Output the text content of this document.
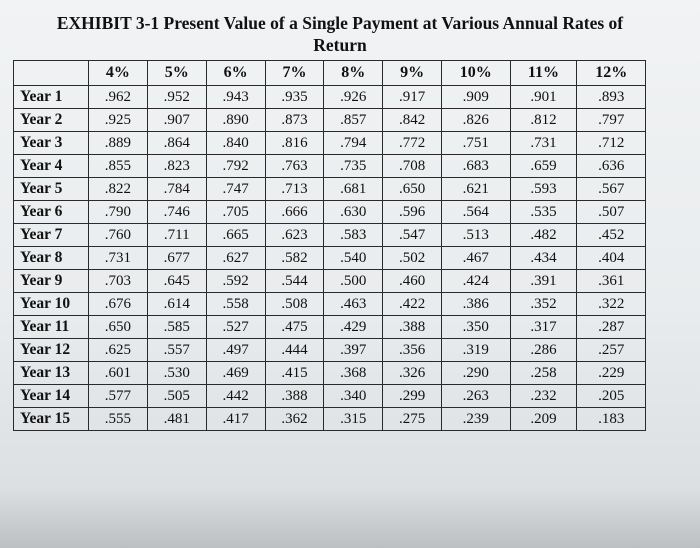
EXHIBIT 3-1 Present Value of a Single Payment at Various Annual Rates of
Return
	4%	5%	6%	7%	8%	9%	10%	11%	12%
Year 1	.962	.952	.943	.935	.926	.917	.909	.901	.893
Year 2	.925	.907	.890	.873	.857	.842	.826	.812	.797
Year 3	.889	.864	.840	.816	.794	.772	.751	.731	.712
Year 4	.855	.823	.792	.763	.735	.708	.683	.659	.636
Year 5	.822	.784	.747	.713	.681	.650	.621	.593	.567
Year 6	.790	.746	.705	.666	.630	.596	.564	.535	.507
Year 7	.760	.711	.665	.623	.583	.547	.513	.482	.452
Year 8	.731	.677	.627	.582	.540	.502	.467	.434	.404
Year 9	.703	.645	.592	.544	.500	.460	.424	.391	.361
Year 10	.676	.614	.558	.508	.463	.422	.386	.352	.322
Year 11	.650	.585	.527	.475	.429	.388	.350	.317	.287
Year 12	.625	.557	.497	.444	.397	.356	.319	.286	.257
Year 13	.601	.530	.469	.415	.368	.326	.290	.258	.229
Year 14	.577	.505	.442	.388	.340	.299	.263	.232	.205
Year 15	.555	.481	.417	.362	.315	.275	.239	.209	.183
